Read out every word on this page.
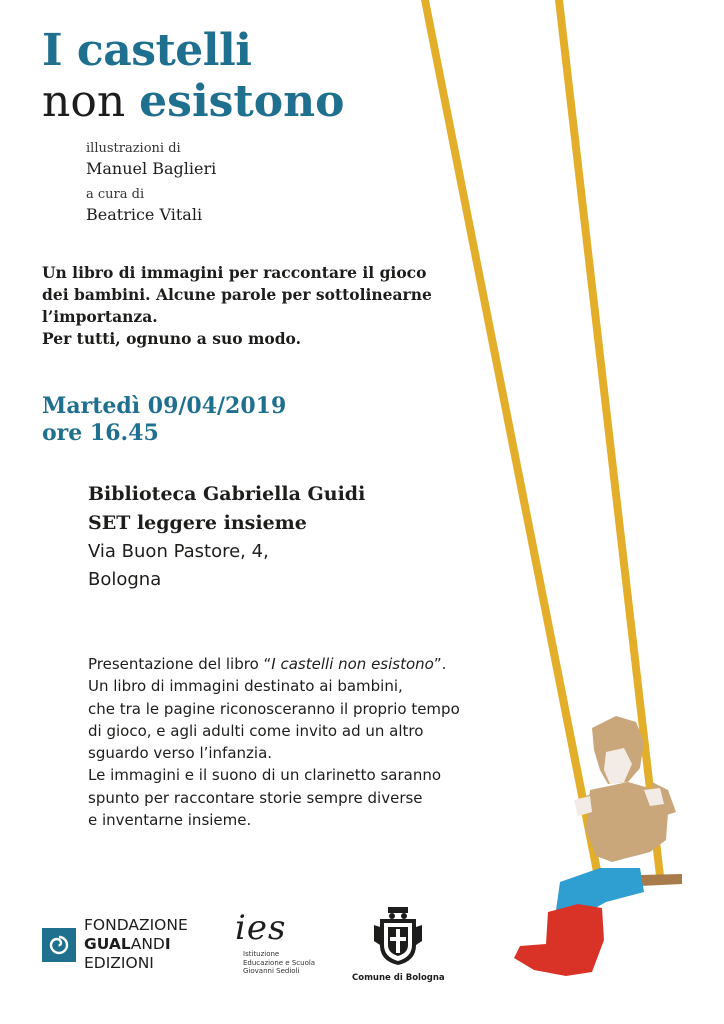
I castelli
non esistono
illustrazioni di
Manuel Baglieri
a cura di
Beatrice Vitali
Un libro di immagini per raccontare il gioco
dei bambini. Alcune parole per sottolinearne
l’importanza.
Per tutti, ognuno a suo modo.
Martedì 09/04/2019
ore 16.45
Biblioteca Gabriella Guidi
SET leggere insieme
Via Buon Pastore, 4,
Bologna
Presentazione del libro “I castelli non esistono”.
Un libro di immagini destinato ai bambini,
che tra le pagine riconosceranno il proprio tempo
di gioco, e agli adulti come invito ad un altro
sguardo verso l’infanzia.
Le immagini e il suono di un clarinetto saranno
spunto per raccontare storie sempre diverse
e inventarne insieme.
FONDAZIONE
GUALANDI
EDIZIONI
ies
Istituzione
Educazione e Scuola
Giovanni Sedioli
Comune di Bologna
